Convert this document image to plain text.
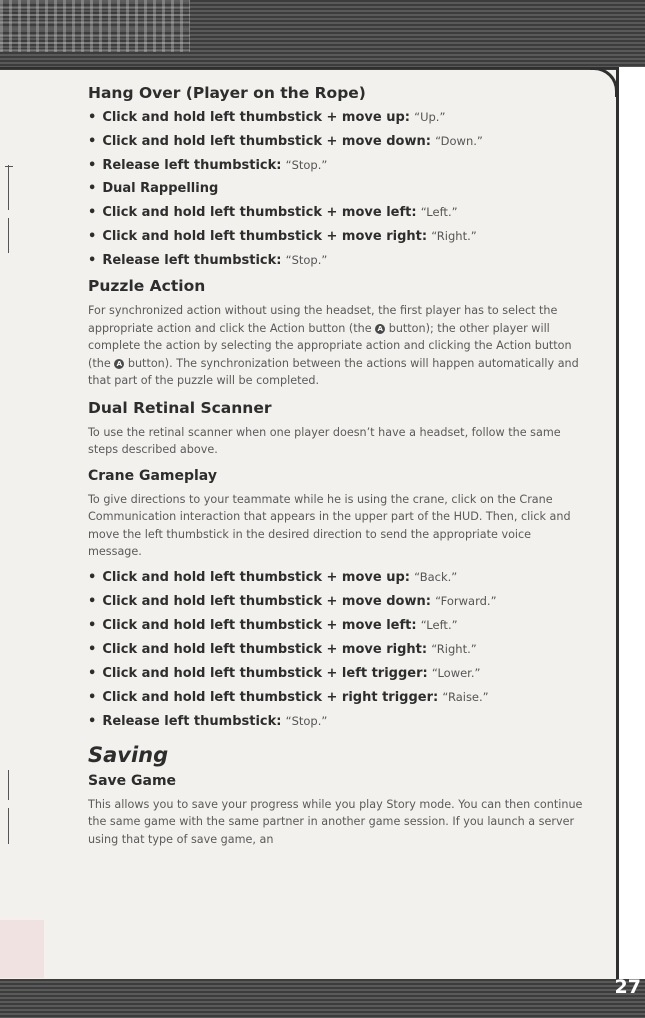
Hang Over (Player on the Rope)
• Click and hold left thumbstick + move up: “Up.”
• Click and hold left thumbstick + move down: “Down.”
• Release left thumbstick: “Stop.”
• Dual Rappelling
• Click and hold left thumbstick + move left: “Left.”
• Click and hold left thumbstick + move right: “Right.”
• Release left thumbstick: “Stop.”
Puzzle Action

For synchronized action without using the headset, the first player has to select the appropriate action and click the Action button (the A button); the other player will complete the action by selecting the appropriate action and clicking the Action button (the A button). The synchronization between the actions will happen automatically and that part of the puzzle will be completed.

Dual Retinal Scanner

To use the retinal scanner when one player doesn’t have a headset, follow the same steps described above.

Crane Gameplay

To give directions to your teammate while he is using the crane, click on the Crane Communication interaction that appears in the upper part of the HUD. Then, click and move the left thumbstick in the desired direction to send the appropriate voice message.

• Click and hold left thumbstick + move up: “Back.”
• Click and hold left thumbstick + move down: “Forward.”
• Click and hold left thumbstick + move left: “Left.”
• Click and hold left thumbstick + move right: “Right.”
• Click and hold left thumbstick + left trigger: “Lower.”
• Click and hold left thumbstick + right trigger: “Raise.”
• Release left thumbstick: “Stop.”
Saving
Save Game

This allows you to save your progress while you play Story mode. You can then continue the same game with the same partner in another game session. If you launch a server using that type of save game, an

27
